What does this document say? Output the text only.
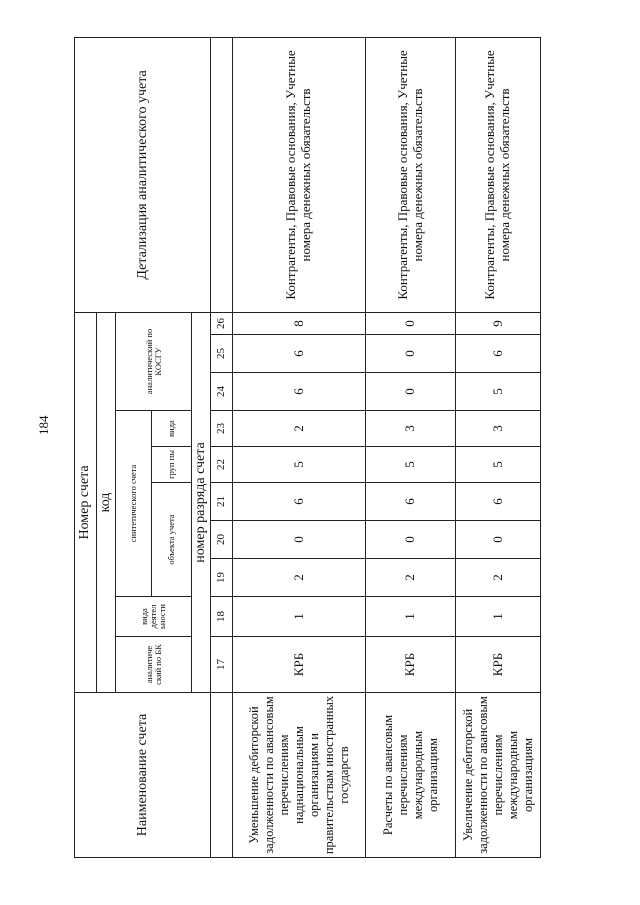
184
Наименование счета	Номер счета										Детализация аналитического учета
	код										
	аналитиче ский по БК	вида деятел ьности	синтетического счета					аналитический по КОСГУ			
			объекта учета			груп пы	вида				
	номер разряда счета										
	17	18	19	20	21	22	23	24	25	26	
Уменьшение дебиторской задолженности по авансовым перечислениям наднациональным организациям и правительствам иностранных государств	КРБ	1	2	0	6	5	2	6	6	8	Контрагенты, Правовые основания, Учетные номера денежных обязательств
Расчеты по авансовым перечислениям международным организациям	КРБ	1	2	0	6	5	3	0	0	0	Контрагенты, Правовые основания, Учетные номера денежных обязательств
Увеличение дебиторской задолженности по авансовым перечислениям международным организациям	КРБ	1	2	0	6	5	3	5	6	9	Контрагенты, Правовые основания, Учетные номера денежных обязательств
